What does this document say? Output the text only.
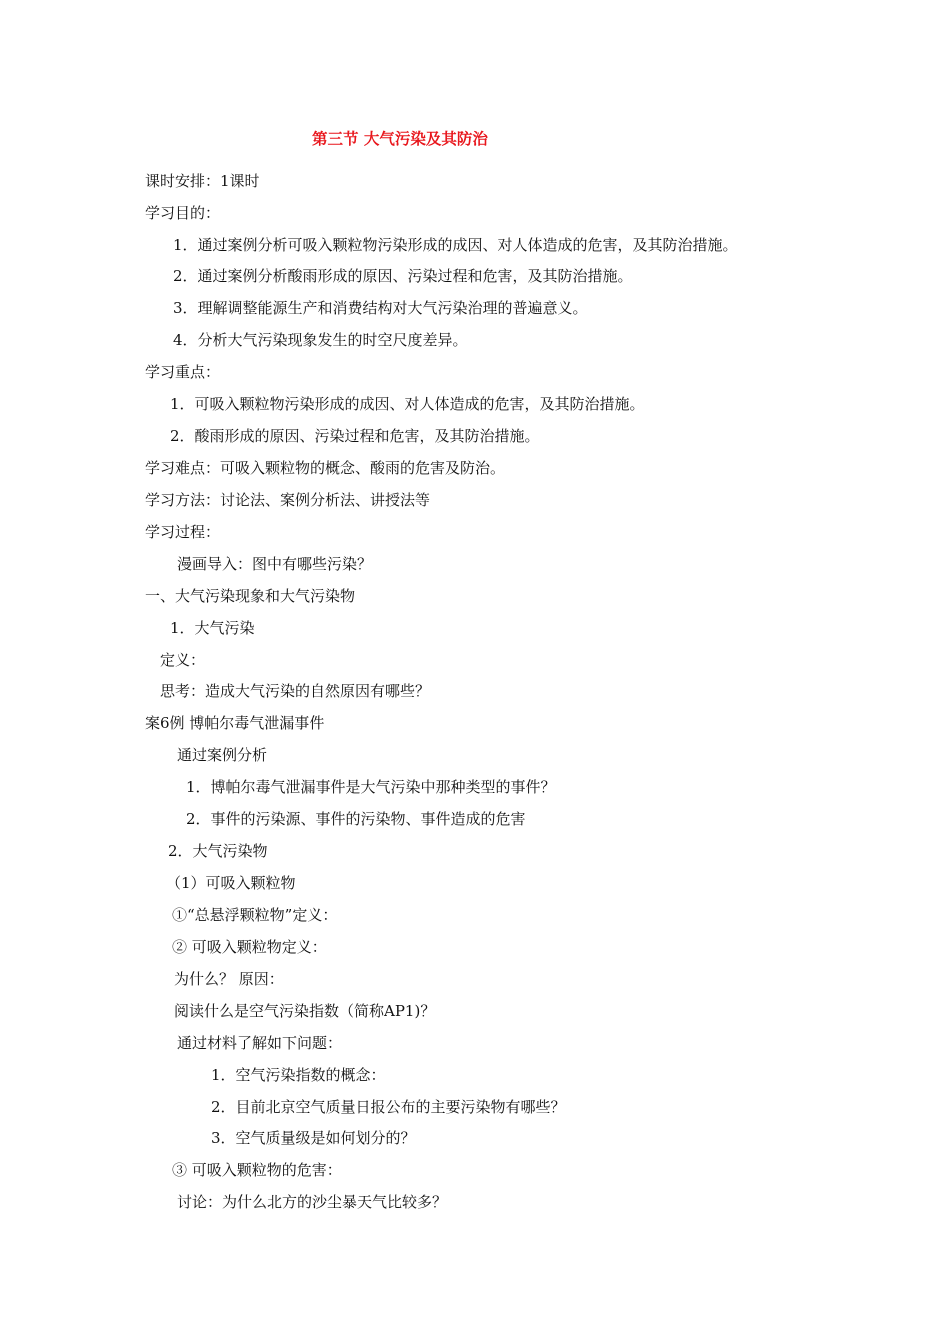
第三节 大气污染及其防治
课时安排：1课时
学习目的：
1．通过案例分析可吸入颗粒物污染形成的成因、对人体造成的危害，及其防治措施。
2．通过案例分析酸雨形成的原因、污染过程和危害，及其防治措施。
3．理解调整能源生产和消费结构对大气污染治理的普遍意义。
4．分析大气污染现象发生的时空尺度差异。
学习重点：
1．可吸入颗粒物污染形成的成因、对人体造成的危害，及其防治措施。
2．酸雨形成的原因、污染过程和危害，及其防治措施。
学习难点：可吸入颗粒物的概念、酸雨的危害及防治。
学习方法：讨论法、案例分析法、讲授法等
学习过程：
漫画导入：图中有哪些污染？
一、大气污染现象和大气污染物
1．大气污染
定义：
思考：造成大气污染的自然原因有哪些？
案6例 博帕尔毒气泄漏事件
通过案例分析
1．博帕尔毒气泄漏事件是大气污染中那种类型的事件？
2．事件的污染源、事件的污染物、事件造成的危害
2．大气污染物
（1）可吸入颗粒物
①“总悬浮颗粒物”定义：
② 可吸入颗粒物定义：
为什么？ 原因：
阅读什么是空气污染指数（简称AP1)？
通过材料了解如下问题：
1．空气污染指数的概念：
2．目前北京空气质量日报公布的主要污染物有哪些？
3．空气质量级是如何划分的？
③ 可吸入颗粒物的危害：
讨论：为什么北方的沙尘暴天气比较多？
